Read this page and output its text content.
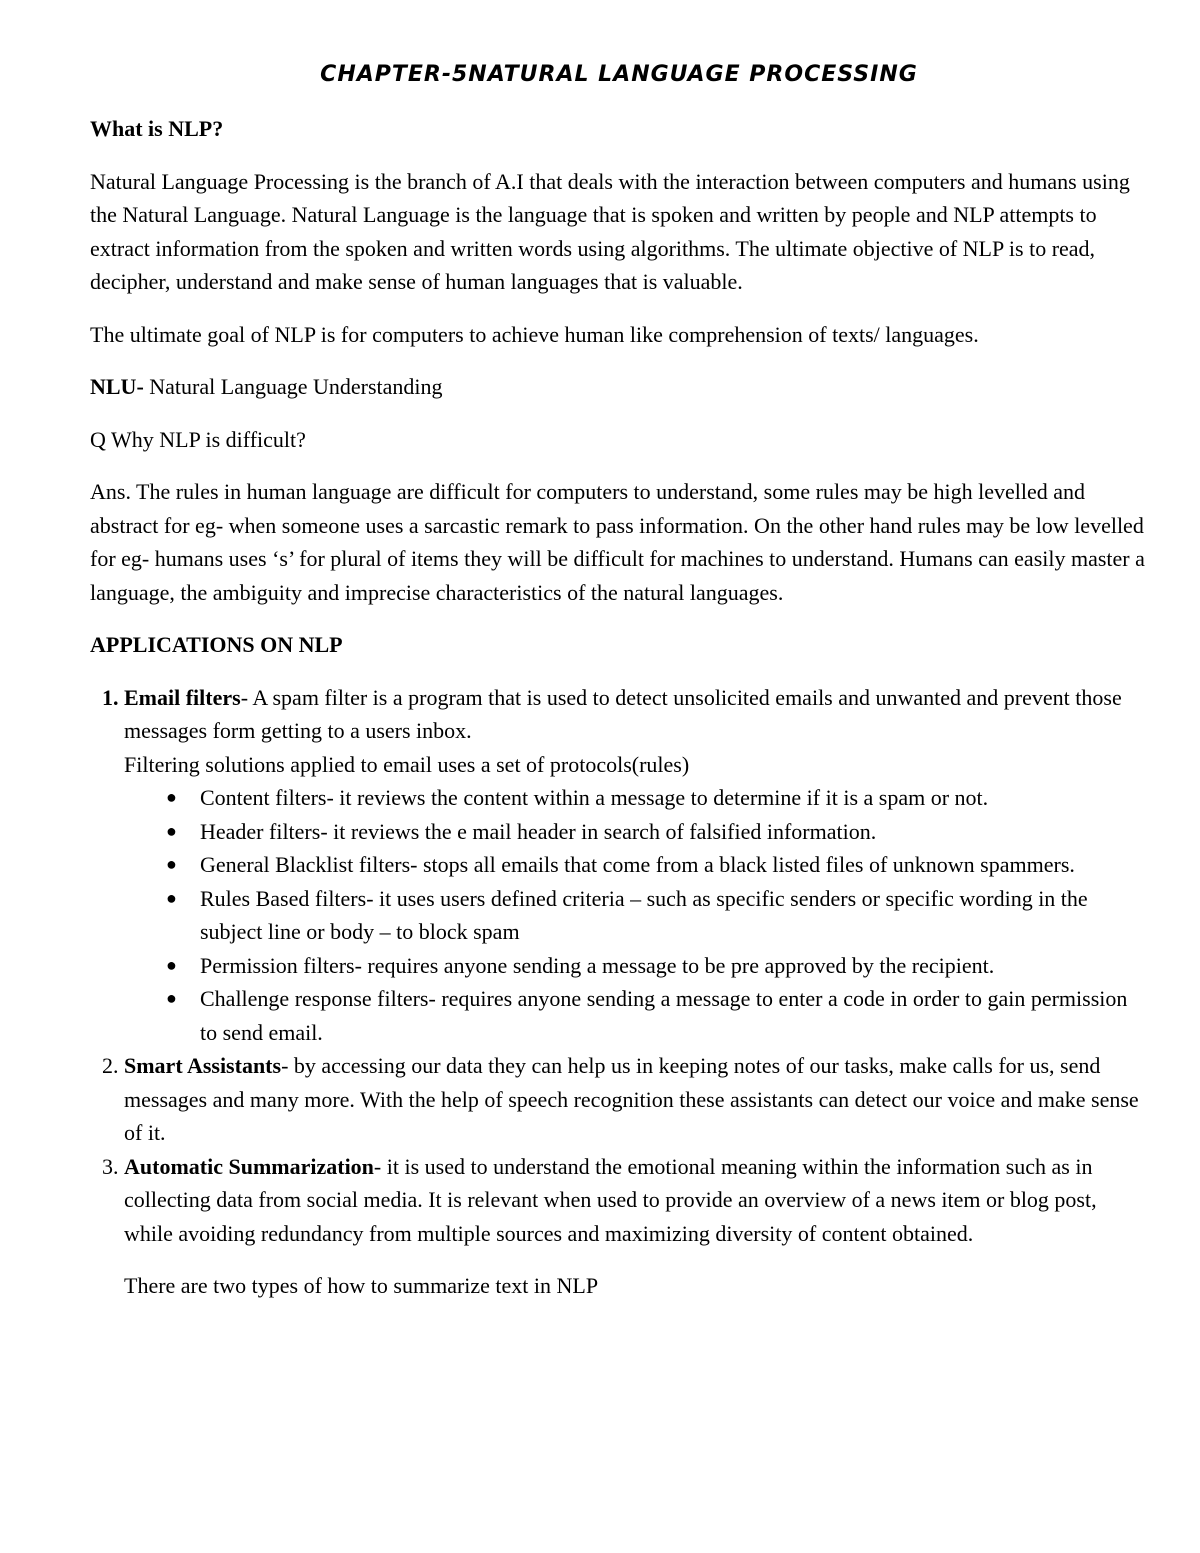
CHAPTER-5NATURAL LANGUAGE PROCESSING

What is NLP?

Natural Language Processing is the branch of A.I that deals with the interaction between computers and humans using the Natural Language. Natural Language is the language that is spoken and written by people and NLP attempts to extract information from the spoken and written words using algorithms. The ultimate objective of NLP is to read, decipher, understand and make sense of human languages that is valuable.

The ultimate goal of NLP is for computers to achieve human like comprehension of texts/ languages.

NLU- Natural Language Understanding

Q Why NLP is difficult?

Ans. The rules in human language are difficult for computers to understand, some rules may be high levelled and abstract for eg- when someone uses a sarcastic remark to pass information. On the other hand rules may be low levelled for eg- humans uses ‘s’ for plural of items they will be difficult for machines to understand. Humans can easily master a language, the ambiguity and imprecise characteristics of the natural languages.

APPLICATIONS ON NLP

1. Email filters- A spam filter is a program that is used to detect unsolicited emails and unwanted and prevent those messages form getting to a users inbox.
Filtering solutions applied to email uses a set of protocols(rules)
● Content filters- it reviews the content within a message to determine if it is a spam or not.
● Header filters- it reviews the e mail header in search of falsified information.
● General Blacklist filters- stops all emails that come from a black listed files of unknown spammers.
● Rules Based filters- it uses users defined criteria – such as specific senders or specific wording in the subject line or body – to block spam
● Permission filters- requires anyone sending a message to be pre approved by the recipient.
● Challenge response filters- requires anyone sending a message to enter a code in order to gain permission to send email.
2. Smart Assistants- by accessing our data they can help us in keeping notes of our tasks, make calls for us, send messages and many more. With the help of speech recognition these assistants can detect our voice and make sense of it.
3. Automatic Summarization- it is used to understand the emotional meaning within the information such as in collecting data from social media. It is relevant when used to provide an overview of a news item or blog post, while avoiding redundancy from multiple sources and maximizing diversity of content obtained.

There are two types of how to summarize text in NLP
